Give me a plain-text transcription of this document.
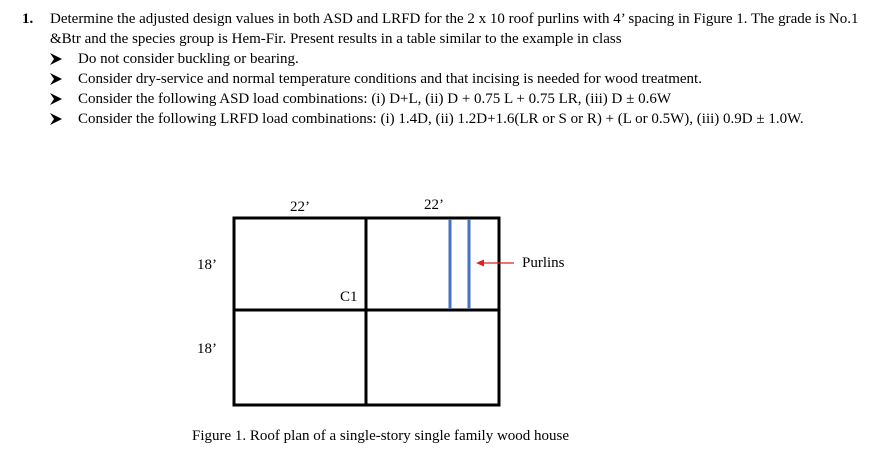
1.	Determine the adjusted design values in both ASD and LRFD for the 2 x 10 roof purlins with 4’ spacing in Figure 1. The grade is No.1 &Btr and the species group is Hem-Fir. Present results in a table similar to the example in class
Do not consider buckling or bearing.
Consider dry-service and normal temperature conditions and that incising is needed for wood treatment.
Consider the following ASD load combinations: (i) D+L, (ii) D + 0.75 L + 0.75 LR, (iii) D ± 0.6W
Consider the following LRFD load combinations: (i) 1.4D, (ii) 1.2D+1.6(LR or S or R) + (L or 0.5W), (iii) 0.9D ± 1.0W.
22’	22’
18’
18’
C1
Purlins
Figure 1. Roof plan of a single-story single family wood house
